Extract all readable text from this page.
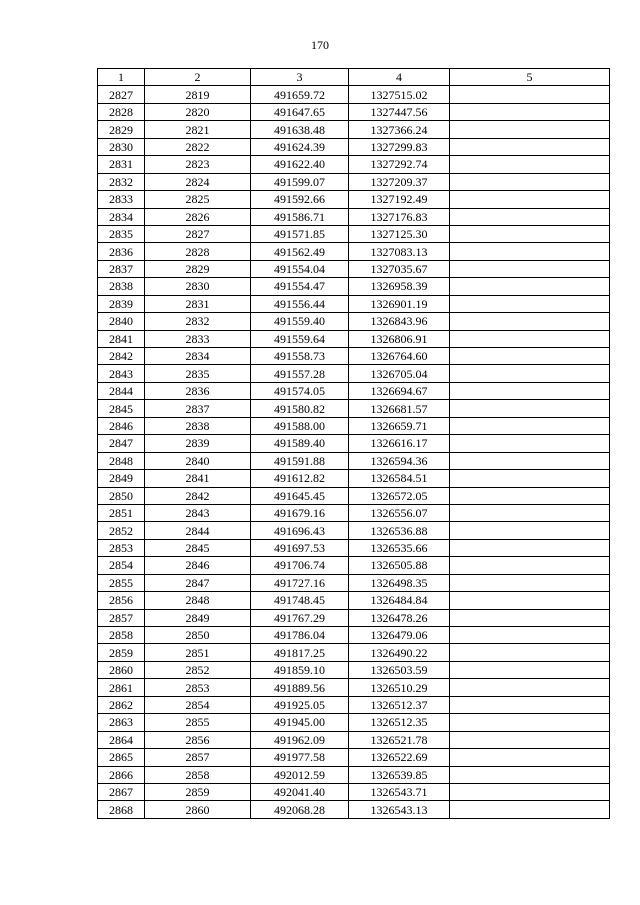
170
1	2	3	4	5
2827	2819	491659.72	1327515.02	
2828	2820	491647.65	1327447.56	
2829	2821	491638.48	1327366.24	
2830	2822	491624.39	1327299.83	
2831	2823	491622.40	1327292.74	
2832	2824	491599.07	1327209.37	
2833	2825	491592.66	1327192.49	
2834	2826	491586.71	1327176.83	
2835	2827	491571.85	1327125.30	
2836	2828	491562.49	1327083.13	
2837	2829	491554.04	1327035.67	
2838	2830	491554.47	1326958.39	
2839	2831	491556.44	1326901.19	
2840	2832	491559.40	1326843.96	
2841	2833	491559.64	1326806.91	
2842	2834	491558.73	1326764.60	
2843	2835	491557.28	1326705.04	
2844	2836	491574.05	1326694.67	
2845	2837	491580.82	1326681.57	
2846	2838	491588.00	1326659.71	
2847	2839	491589.40	1326616.17	
2848	2840	491591.88	1326594.36	
2849	2841	491612.82	1326584.51	
2850	2842	491645.45	1326572.05	
2851	2843	491679.16	1326556.07	
2852	2844	491696.43	1326536.88	
2853	2845	491697.53	1326535.66	
2854	2846	491706.74	1326505.88	
2855	2847	491727.16	1326498.35	
2856	2848	491748.45	1326484.84	
2857	2849	491767.29	1326478.26	
2858	2850	491786.04	1326479.06	
2859	2851	491817.25	1326490.22	
2860	2852	491859.10	1326503.59	
2861	2853	491889.56	1326510.29	
2862	2854	491925.05	1326512.37	
2863	2855	491945.00	1326512.35	
2864	2856	491962.09	1326521.78	
2865	2857	491977.58	1326522.69	
2866	2858	492012.59	1326539.85	
2867	2859	492041.40	1326543.71	
2868	2860	492068.28	1326543.13	
